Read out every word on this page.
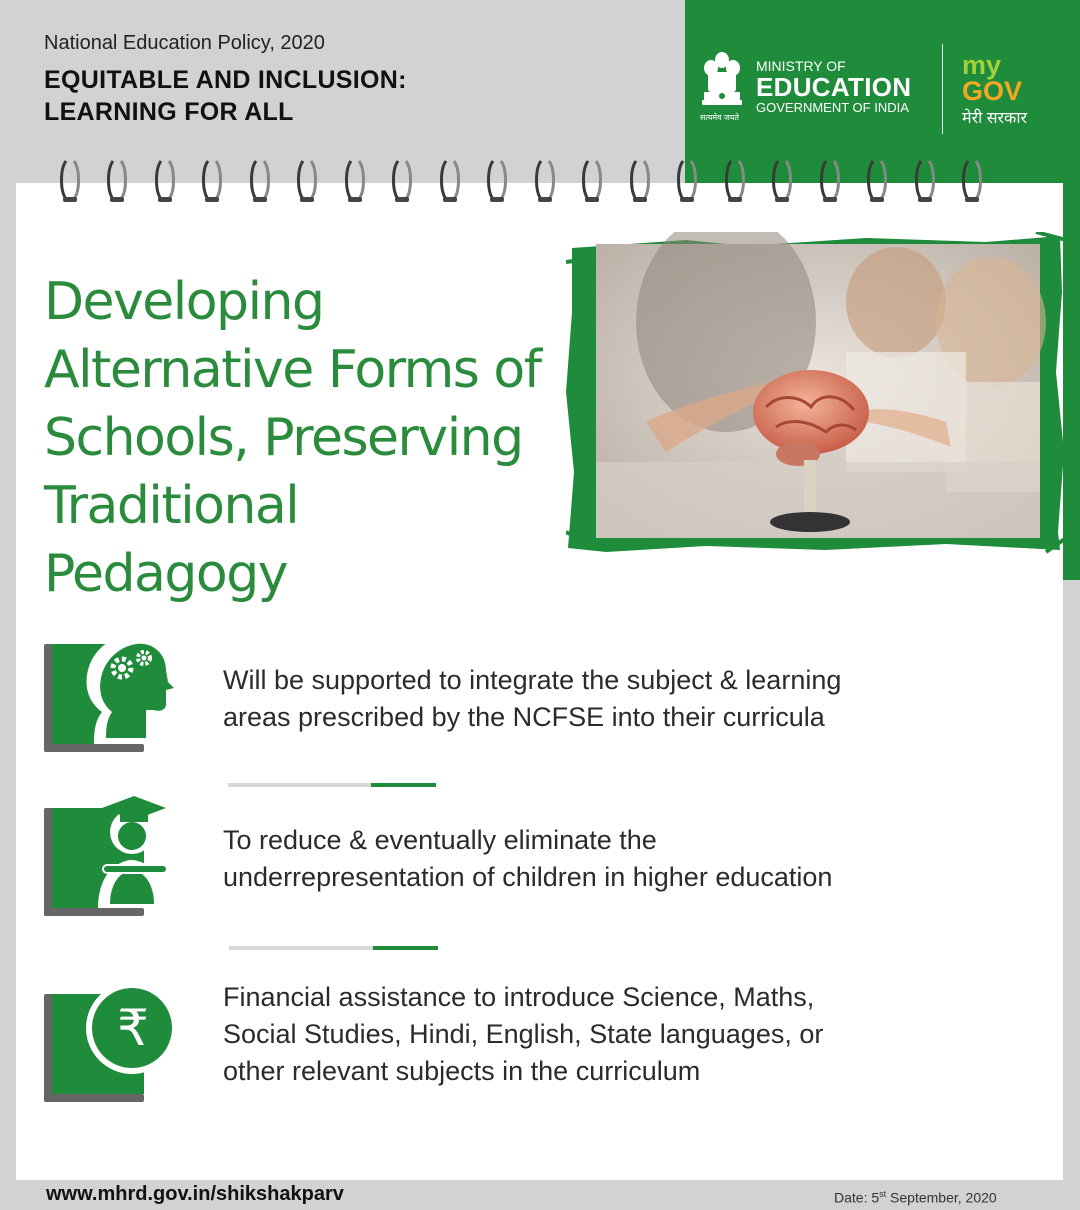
National Education Policy, 2020
EQUITABLE AND INCLUSION:
LEARNING FOR ALL	सत्यमेव जयते
MINISTRY OF
EDUCATION
GOVERNMENT OF INDIA
my
GOV
मेरी सरकार
Developing
Alternative Forms of
Schools, Preserving
Traditional
Pedagogy
Will be supported to integrate the subject & learning
areas prescribed by the NCFSE into their curricula
To reduce & eventually eliminate the
underrepresentation of children in higher education
₹
Financial assistance to introduce Science, Maths,
Social Studies, Hindi, English, State languages, or
other relevant subjects in the curriculum
www.mhrd.gov.in/shikshakparv	Date: 5st September, 2020
